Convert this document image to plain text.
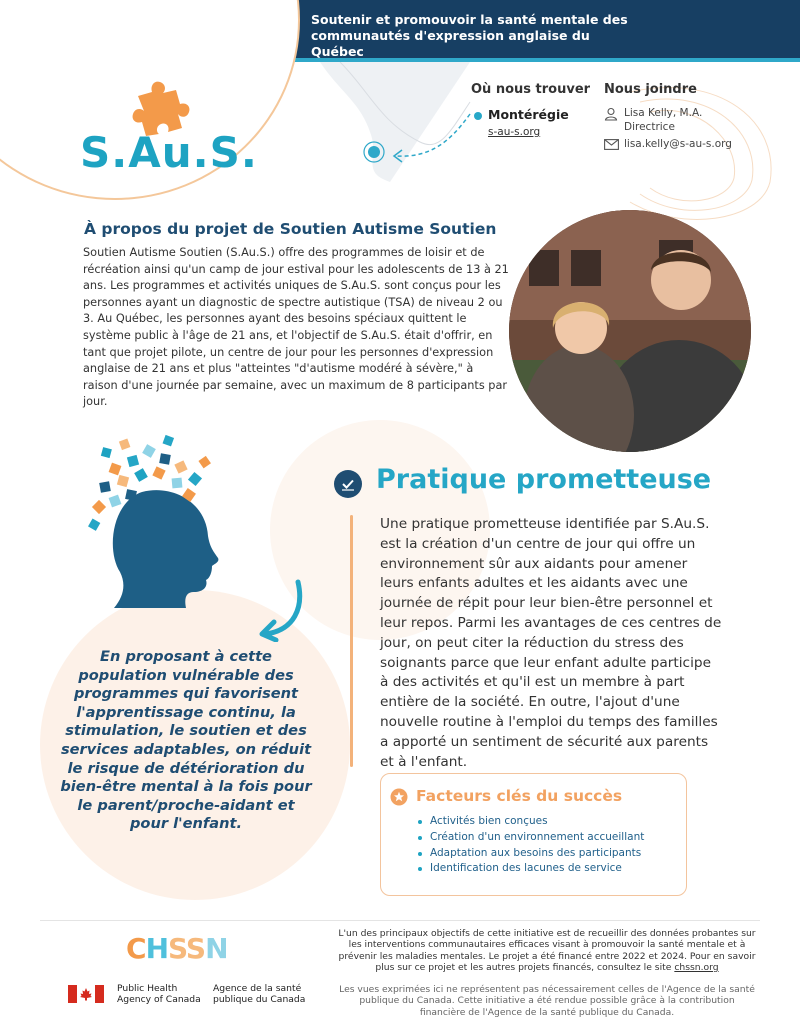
Soutenir et promouvoir la santé mentale des communautés d'expression anglaise du Québec
S.Au.S.
Où nous trouver
Montérégie
s-au-s.org
Nous joindre
Lisa Kelly, M.A.
Directrice
lisa.kelly@s-au-s.org
À propos du projet de Soutien Autisme Soutien
Soutien Autisme Soutien (S.Au.S.) offre des programmes de loisir et de récréation ainsi qu'un camp de jour estival pour les adolescents de 13 à 21 ans. Les programmes et activités uniques de S.Au.S. sont conçus pour les personnes ayant un diagnostic de spectre autistique (TSA) de niveau 2 ou 3. Au Québec, les personnes ayant des besoins spéciaux quittent le système public à l'âge de 21 ans, et l'objectif de S.Au.S. était d'offrir, en tant que projet pilote, un centre de jour pour les personnes d'expression anglaise de 21 ans et plus "atteintes "d'autisme modéré à sévère," à raison d'une journée par semaine, avec un maximum de 8 participants par jour.
En proposant à cette population vulnérable des programmes qui favorisent l'apprentissage continu, la stimulation, le soutien et des services adaptables, on réduit le risque de détérioration du bien-être mental à la fois pour le parent/proche-aidant et pour l'enfant.
Pratique prometteuse
Une pratique prometteuse identifiée par S.Au.S. est la création d'un centre de jour qui offre un environnement sûr aux aidants pour amener leurs enfants adultes et les aidants avec une journée de répit pour leur bien-être personnel et leur repos. Parmi les avantages de ces centres de jour, on peut citer la réduction du stress des soignants parce que leur enfant adulte participe à des activités et qu'il est un membre à part entière de la société. En outre, l'ajout d'une nouvelle routine à l'emploi du temps des familles a apporté un sentiment de sécurité aux parents et à l'enfant.
Facteurs clés du succès
Activités bien conçues
Création d'un environnement accueillant
Adaptation aux besoins des participants
Identification des lacunes de service
CHSSN
Public Health
Agency of Canada
Agence de la santé
publique du Canada
L'un des principaux objectifs de cette initiative est de recueillir des données probantes sur les interventions communautaires efficaces visant à promouvoir la santé mentale et à prévenir les maladies mentales. Le projet a été financé entre 2022 et 2024. Pour en savoir plus sur ce projet et les autres projets financés, consultez le site chssn.org
Les vues exprimées ici ne représentent pas nécessairement celles de l'Agence de la santé publique du Canada. Cette initiative a été rendue possible grâce à la contribution financière de l'Agence de la santé publique du Canada.
